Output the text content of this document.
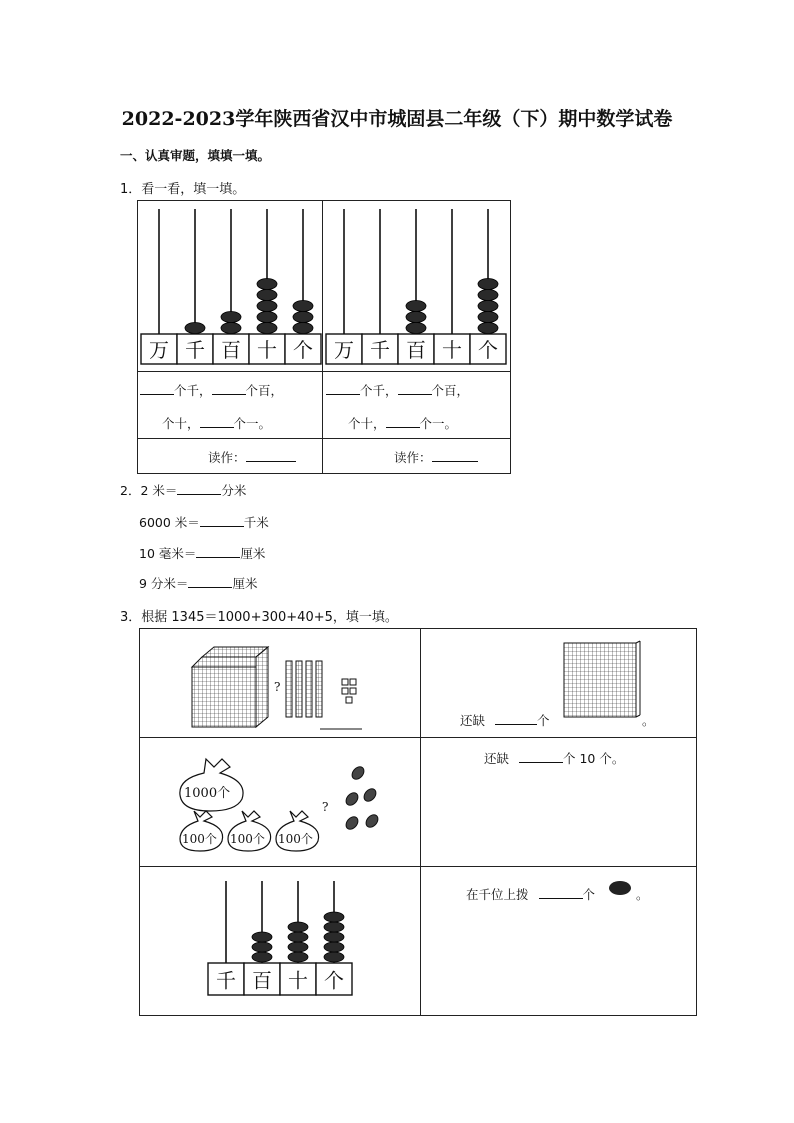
2022-2023学年陕西省汉中市城固县二年级（下）期中数学试卷
一、认真审题，填填一填。
1．看一看，填一填。
万 千 百 十 个 万 千 百 十 个
个千，	个百，
个十，	个一。
读作：
个千，	个百，
个十，	个一。
读作：
2．2 米＝	分米
6000 米＝	千米
10 毫米＝	厘米
9 分米＝	厘米
3．根据 1345＝1000+300+40+5，填一填。
?
还缺	个	。
1000个
100个 100个 100个
?
还缺	个 10 个。
千 百 十 个
在千位上拨	个	。
